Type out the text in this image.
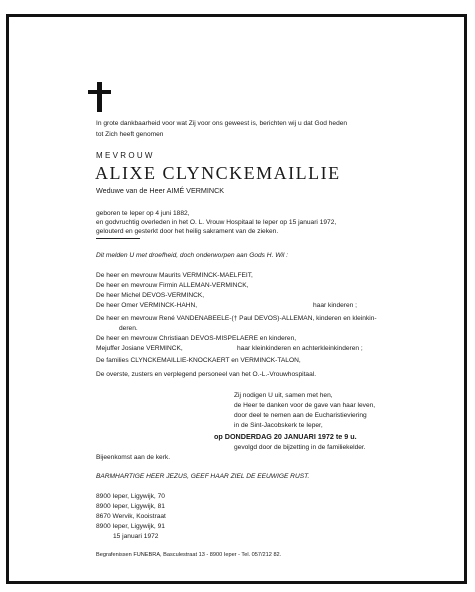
In grote dankbaarheid voor wat Zij voor ons geweest is, berichten wij u dat God heden
tot Zich heeft genomen
MEVROUW
ALIXE CLYNCKEMAILLIE
Weduwe van de Heer AIMÉ VERMINCK
geboren te Ieper op 4 juni 1882,
en godvruchtig overleden in het O. L. Vrouw Hospitaal te Ieper op 15 januari 1972,
gelouterd en gesterkt door het heilig sakrament van de zieken.
Dit melden U met droefheid, doch onderworpen aan Gods H. Wil :
De heer en mevrouw Maurits VERMINCK-MAELFEIT,
De heer en mevrouw Firmin ALLEMAN-VERMINCK,
De heer Michel DEVOS-VERMINCK,
De heer Omer VERMINCK-HAHN,	haar kinderen ;
De heer en mevrouw René VANDENABEELE-(† Paul DEVOS)-ALLEMAN, kinderen en kleinkin-
deren.
De heer en mevrouw Christiaan DEVOS-MISPELAERE en kinderen,
Mejuffer Josiane VERMINCK,	haar kleinkinderen en achterkleinkinderen ;
De families CLYNCKEMAILLIE-KNOCKAERT en VERMINCK-TALON,
De overste, zusters en verplegend personeel van het O.-L.-Vrouwhospitaal.
Zij nodigen U uit, samen met hen,
de Heer te danken voor de gave van haar leven,
door deel te nemen aan de Eucharistieviering
in de Sint-Jacobskerk te Ieper,
op DONDERDAG 20 JANUARI 1972 te 9 u.
gevolgd door de bijzetting in de familiekelder.
Bijeenkomst aan de kerk.
BARMHARTIGE HEER JEZUS, GEEF HAAR ZIEL DE EEUWIGE RUST.
8900 Ieper, Ligywijk, 70
8900 Ieper, Ligywijk, 81
8670 Wervik, Kooistraat
8900 Ieper, Ligywijk, 91
15 januari 1972
Begrafenissen FUNEBRA, Basculestraat 13 - 8900 Ieper - Tel. 057/212 82.
